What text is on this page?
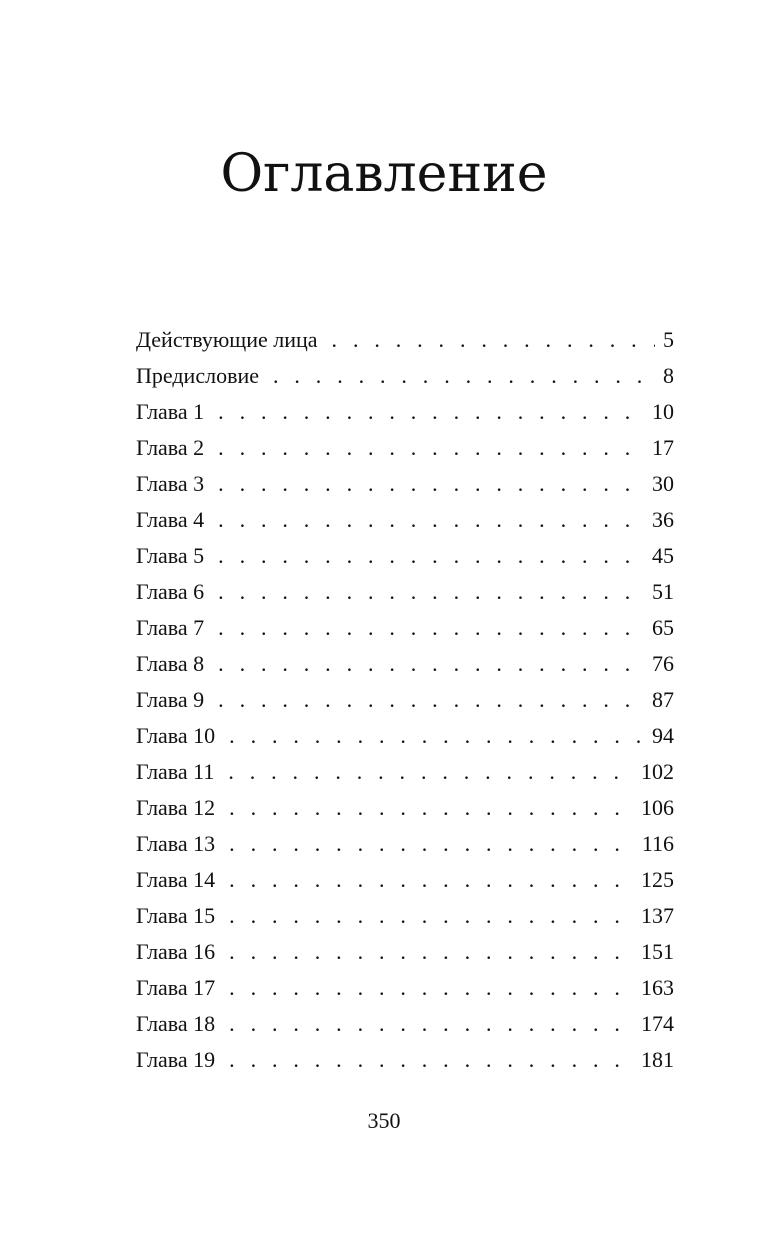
Оглавление
Действующие лица . . .	5
Предисловие . . .	8
Глава 1 . . .	10
Глава 2 . . .	17
Глава 3 . . .	30
Глава 4 . . .	36
Глава 5 . . .	45
Глава 6 . . .	51
Глава 7 . . .	65
Глава 8 . . .	76
Глава 9 . . .	87
Глава 10 . . .	94
Глава 11 . . .	102
Глава 12 . . .	106
Глава 13 . . .	116
Глава 14 . . .	125
Глава 15 . . .	137
Глава 16 . . .	151
Глава 17 . . .	163
Глава 18 . . .	174
Глава 19 . . .	181
350
